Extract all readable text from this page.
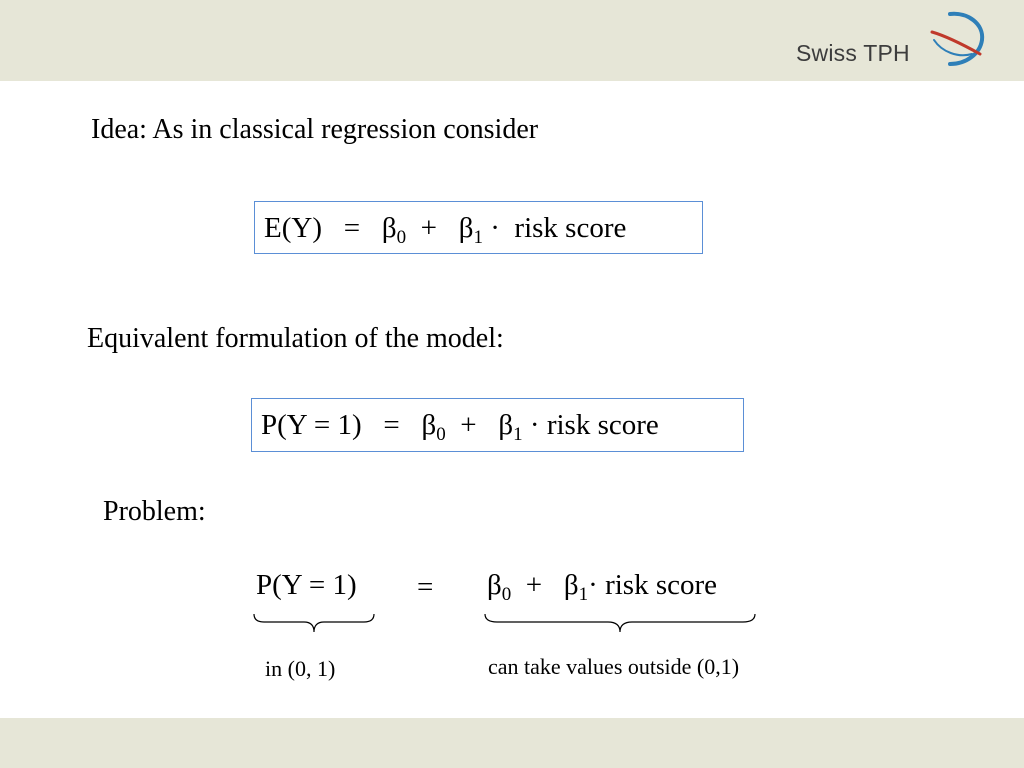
Swiss TPH
Idea: As in classical regression consider
$E(Y) = \beta_0 + \beta_1$ · risk score
Equivalent formulation of the model:
$P(Y = 1) = \beta_0 + \beta_1$ · risk score
Problem:
$P(Y = 1) = \beta_0 + \beta_1\cdot$ risk score
in (0, 1)	can take values outside (0,1)
